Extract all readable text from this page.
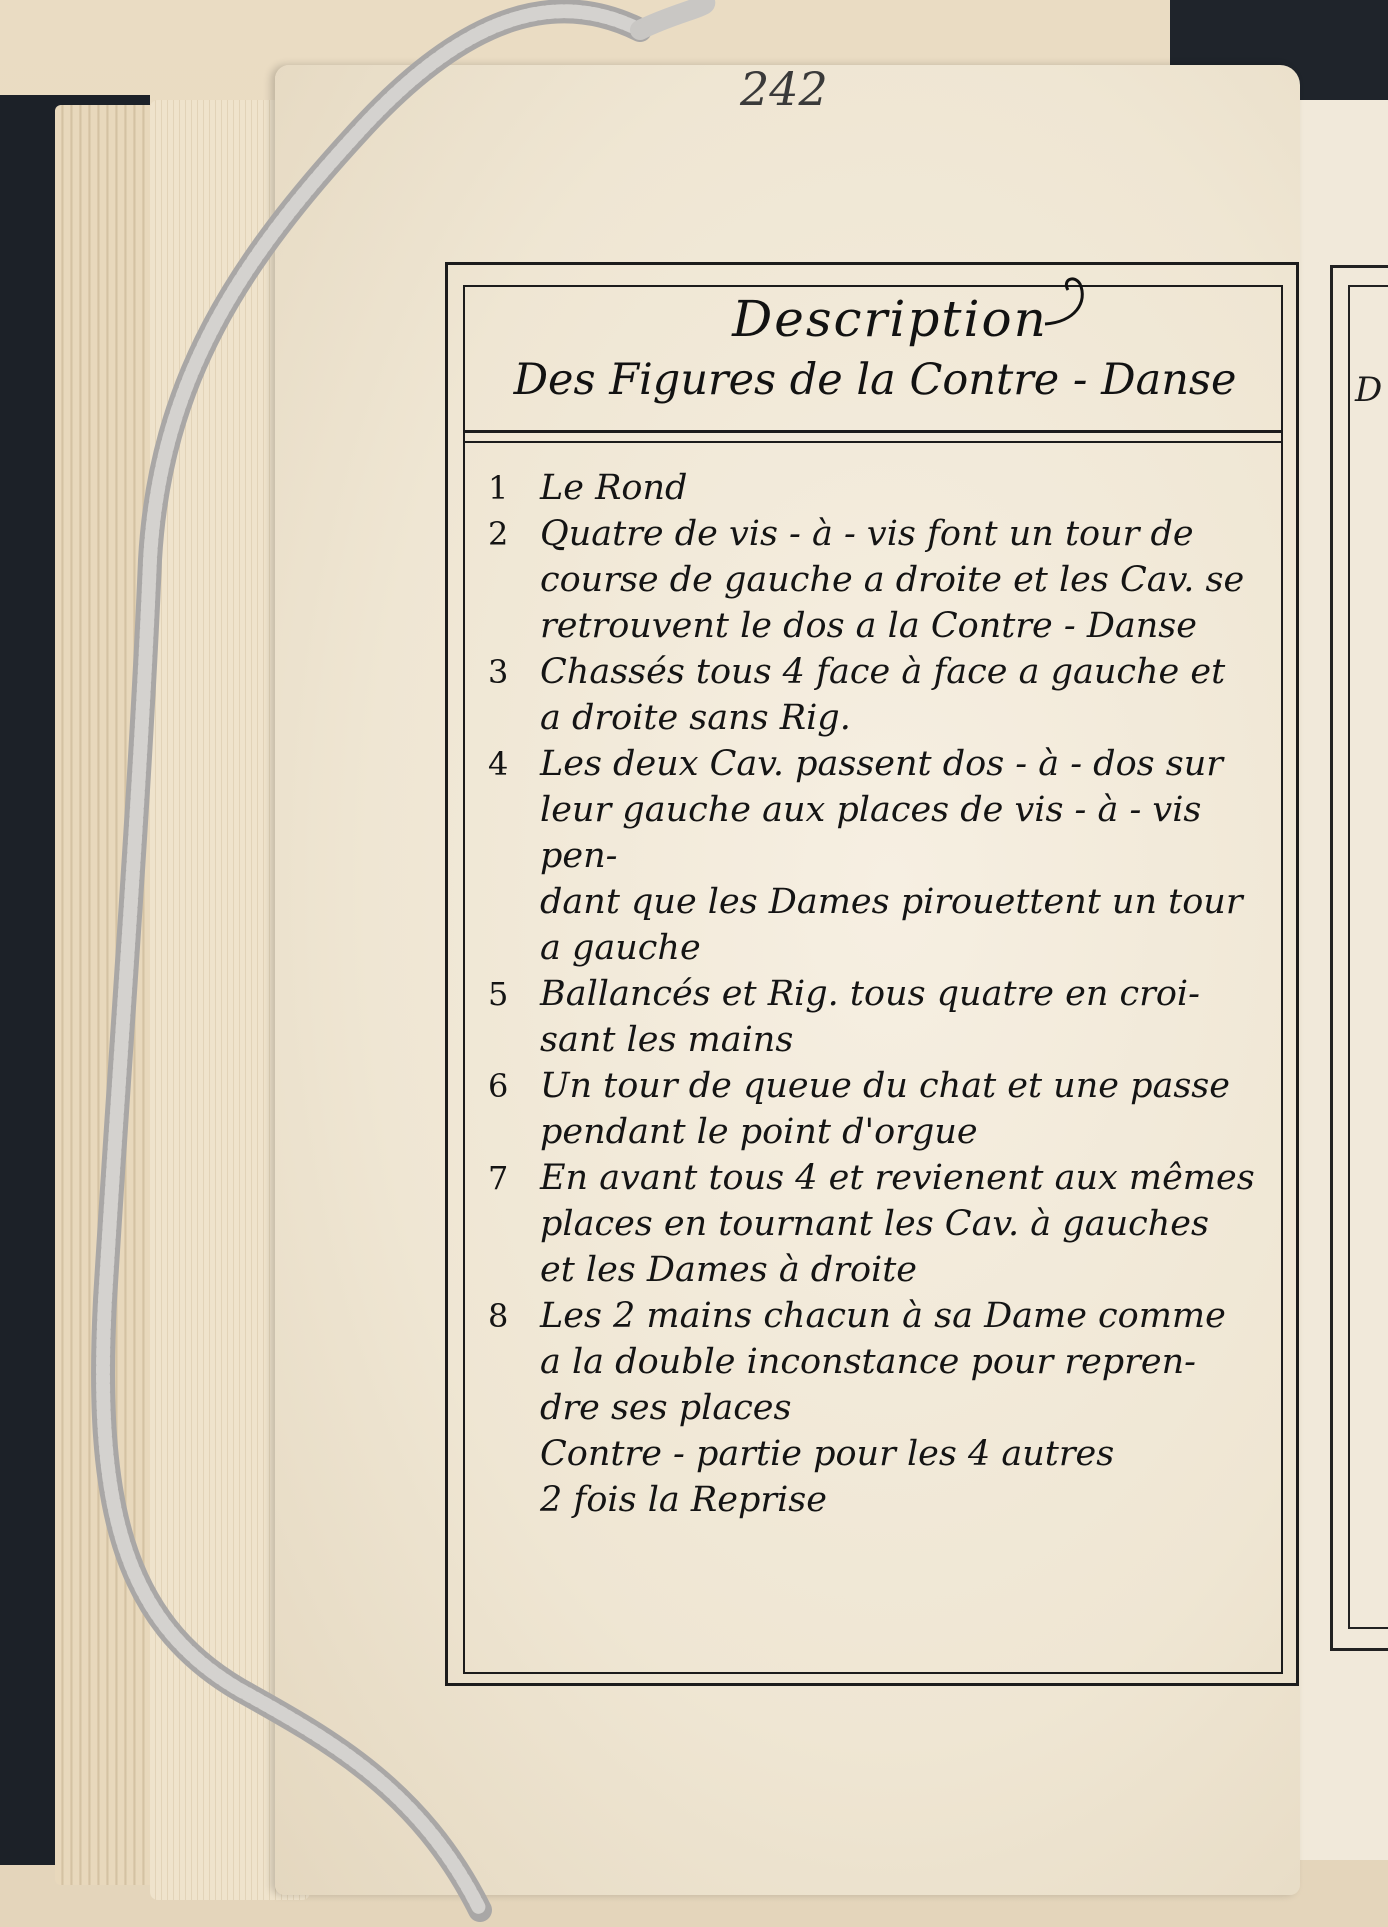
D
242
Description
Des Figures de la Contre - Danse
1 Le Rond
2 Quatre de vis - à - vis font un tour de
course de gauche a droite et les Cav. se
retrouvent le dos a la Contre - Danse
3 Chassés tous 4 face à face a gauche et
a droite sans Rig.
4 Les deux Cav. passent dos - à - dos sur
leur gauche aux places de vis - à - vis pen-
dant que les Dames pirouettent un tour
a gauche
5 Ballancés et Rig. tous quatre en croi-
sant les mains
6 Un tour de queue du chat et une passe
pendant le point d'orgue
7 En avant tous 4 et revienent aux mêmes
places en tournant les Cav. à gauches
et les Dames à droite
8 Les 2 mains chacun à sa Dame comme
a la double inconstance pour repren-
dre ses places
Contre - partie pour les 4 autres
2 fois la Reprise
